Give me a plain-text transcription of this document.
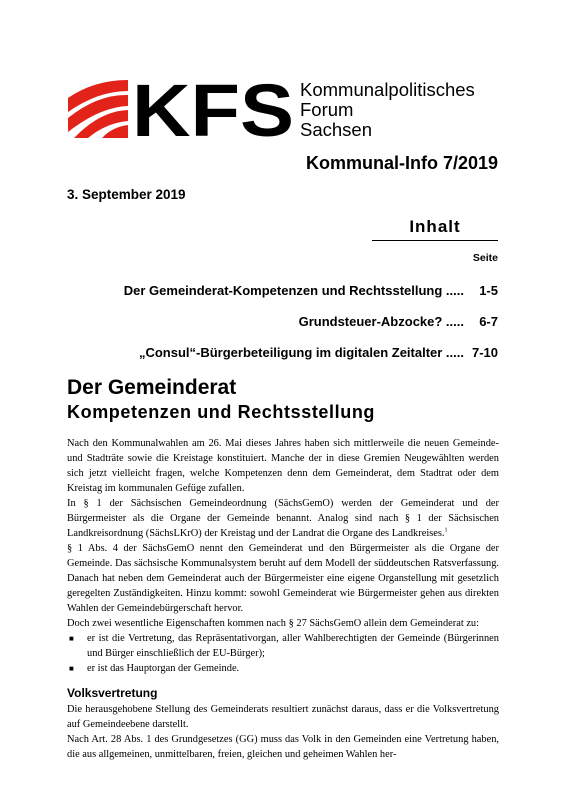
KFS Kommunalpolitisches
Forum
Sachsen
Kommunal-Info 7/2019
3. September 2019
Inhalt
Seite
Der Gemeinderat-Kompetenzen und Rechtsstellung .....	1-5
Grundsteuer-Abzocke? .....	6-7
„Consul“-Bürgerbeteiligung im digitalen Zeitalter ..... 7-10
Der Gemeinderat
Kompetenzen und Rechtsstellung

Nach den Kommunalwahlen am 26. Mai dieses Jahres haben sich mittlerweile die neuen Gemeinde- und Stadträte sowie die Kreistage konstituiert. Manche der in diese Gremien Neugewählten werden sich jetzt vielleicht fragen, welche Kompetenzen denn dem Gemeinderat, dem Stadtrat oder dem Kreistag im kommunalen Gefüge zufallen.

In § 1 der Sächsischen Gemeindeordnung (SächsGemO) werden der Gemeinderat und der Bürgermeister als die Organe der Gemeinde benannt. Analog sind nach § 1 der Sächsischen Landkreisordnung (SächsLKrO) der Kreistag und der Landrat die Organe des Landkreises.$^1$

§ 1 Abs. 4 der SächsGemO nennt den Gemeinderat und den Bürgermeister als die Organe der Gemeinde. Das sächsische Kommunalsystem beruht auf dem Modell der süddeutschen Ratsverfassung. Danach hat neben dem Gemeinderat auch der Bürgermeister eine eigene Organstellung mit gesetzlich geregelten Zuständigkeiten. Hinzu kommt: sowohl Gemeinderat wie Bürgermeister gehen aus direkten Wahlen der Gemeindebürgerschaft hervor.

Doch zwei wesentliche Eigenschaften kommen nach § 27 SächsGemO allein dem Gemeinderat zu:

■ er ist die Vertretung, das Repräsentativorgan, aller Wahlberechtigten der Gemeinde (Bürgerinnen und Bürger einschließlich der EU-Bürger);
■ er ist das Hauptorgan der Gemeinde.
Volksvertretung

Die herausgehobene Stellung des Gemeinderats resultiert zunächst daraus, dass er die Volksvertretung auf Gemeindeebene darstellt.

Nach Art. 28 Abs. 1 des Grundgesetzes (GG) muss das Volk in den Gemeinden eine Vertretung haben, die aus allgemeinen, unmittelbaren, freien, gleichen und geheimen Wahlen her-
